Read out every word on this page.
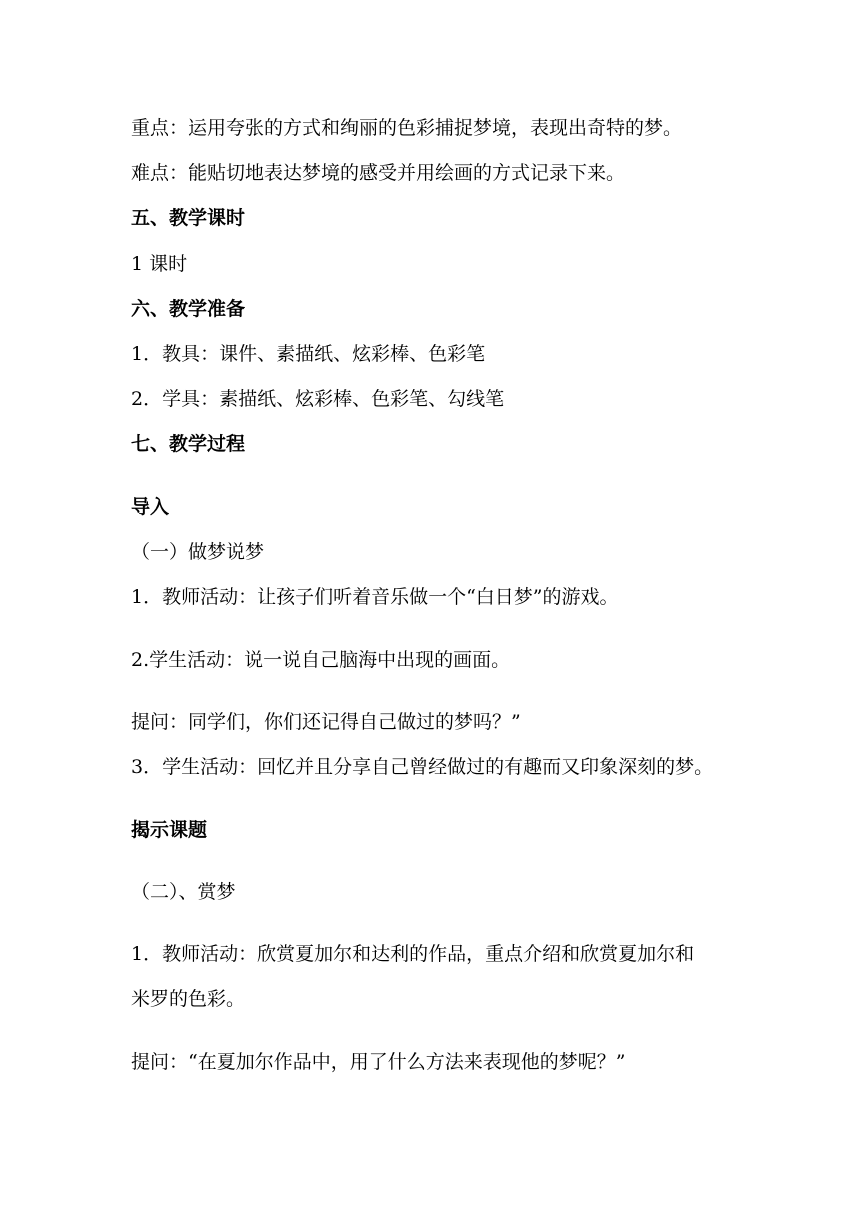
重点：运用夸张的方式和绚丽的色彩捕捉梦境，表现出奇特的梦。
难点：能贴切地表达梦境的感受并用绘画的方式记录下来。
五、教学课时
1 课时
六、教学准备
1．教具：课件、素描纸、炫彩棒、色彩笔
2．学具：素描纸、炫彩棒、色彩笔、勾线笔
七、教学过程
导入
（一）做梦说梦
1．教师活动：让孩子们听着音乐做一个“白日梦”的游戏。
2.学生活动：说一说自己脑海中出现的画面。
提问：同学们，你们还记得自己做过的梦吗？”
3．学生活动：回忆并且分享自己曾经做过的有趣而又印象深刻的梦。
揭示课题
（二）、赏梦
1．教师活动：欣赏夏加尔和达利的作品，重点介绍和欣赏夏加尔和
米罗的色彩。
提问：“在夏加尔作品中，用了什么方法来表现他的梦呢？”
